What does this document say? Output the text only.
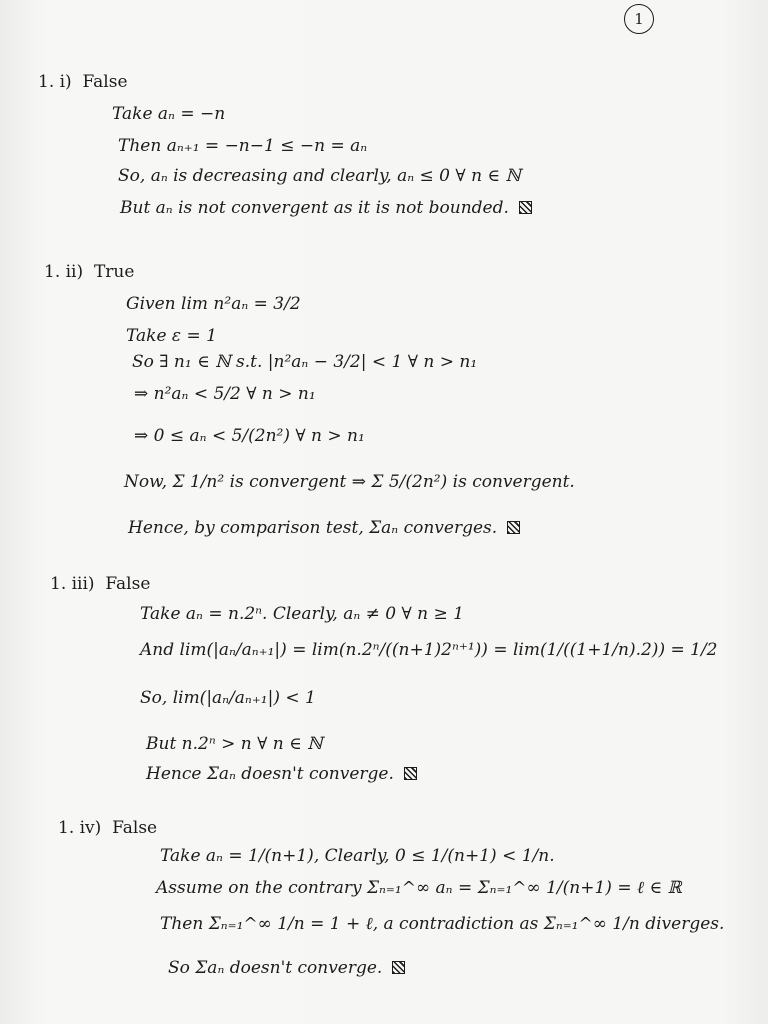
1
1. i) False
Take aₙ = −n
Then aₙ₊₁ = −n−1 ≤ −n = aₙ
So, aₙ is decreasing and clearly, aₙ ≤ 0 ∀ n ∈ ℕ
But aₙ is not convergent as it is not bounded.
1. ii) True
Given lim n²aₙ = 3/2
Take ε = 1
So ∃ n₁ ∈ ℕ s.t. |n²aₙ − 3/2| < 1 ∀ n > n₁
⇒ n²aₙ < 5/2 ∀ n > n₁
⇒ 0 ≤ aₙ < 5/(2n²) ∀ n > n₁
Now, Σ 1/n² is convergent ⇒ Σ 5/(2n²) is convergent.
Hence, by comparison test, Σaₙ converges.
1. iii) False
Take aₙ = n.2ⁿ. Clearly, aₙ ≠ 0 ∀ n ≥ 1
And lim(|aₙ/aₙ₊₁|) = lim(n.2ⁿ/((n+1)2ⁿ⁺¹)) = lim(1/((1+1/n).2)) = 1/2
So, lim(|aₙ/aₙ₊₁|) < 1
But n.2ⁿ > n ∀ n ∈ ℕ
Hence Σaₙ doesn't converge.
1. iv) False
Take aₙ = 1/(n+1), Clearly, 0 ≤ 1/(n+1) < 1/n.
Assume on the contrary Σₙ₌₁^∞ aₙ = Σₙ₌₁^∞ 1/(n+1) = ℓ ∈ ℝ
Then Σₙ₌₁^∞ 1/n = 1 + ℓ, a contradiction as Σₙ₌₁^∞ 1/n diverges.
So Σaₙ doesn't converge.
